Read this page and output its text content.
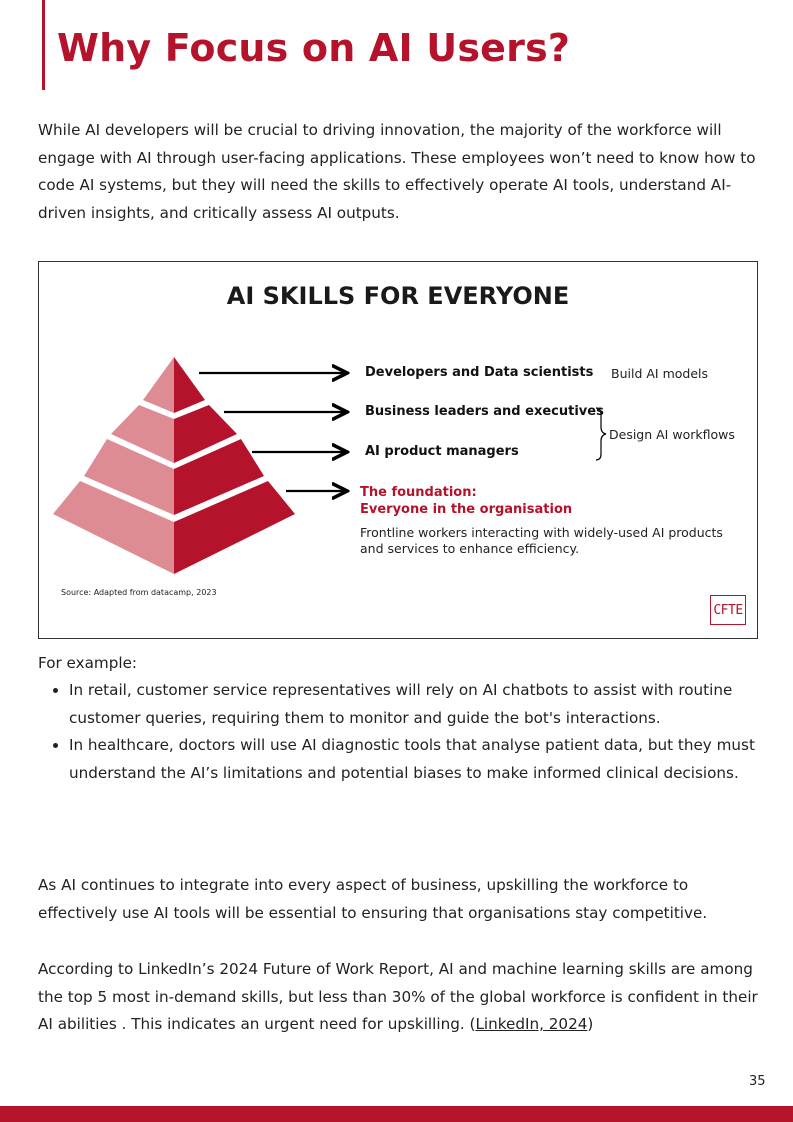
Why Focus on AI Users?

While AI developers will be crucial to driving innovation, the majority of the workforce will engage with AI through user-facing applications. These employees won’t need to know how to code AI systems, but they will need the skills to effectively operate AI tools, understand AI-driven insights, and critically assess AI outputs.

AI SKILLS FOR EVERYONE
Developers and Data scientists Build AI models
Business leaders and executives
AI product managers
Design AI workflows
The foundation:
Everyone in the organisation
Frontline workers interacting with widely-used AI products and services to enhance efficiency.
Source: Adapted from datacamp, 2023
CFTE

For example:

• In retail, customer service representatives will rely on AI chatbots to assist with routine customer queries, requiring them to monitor and guide the bot's interactions.
• In healthcare, doctors will use AI diagnostic tools that analyse patient data, but they must understand the AI’s limitations and potential biases to make informed clinical decisions.

As AI continues to integrate into every aspect of business, upskilling the workforce to effectively use AI tools will be essential to ensuring that organisations stay competitive.

According to LinkedIn’s 2024 Future of Work Report, AI and machine learning skills are among the top 5 most in-demand skills, but less than 30% of the global workforce is confident in their AI abilities . This indicates an urgent need for upskilling. (LinkedIn, 2024)

35
